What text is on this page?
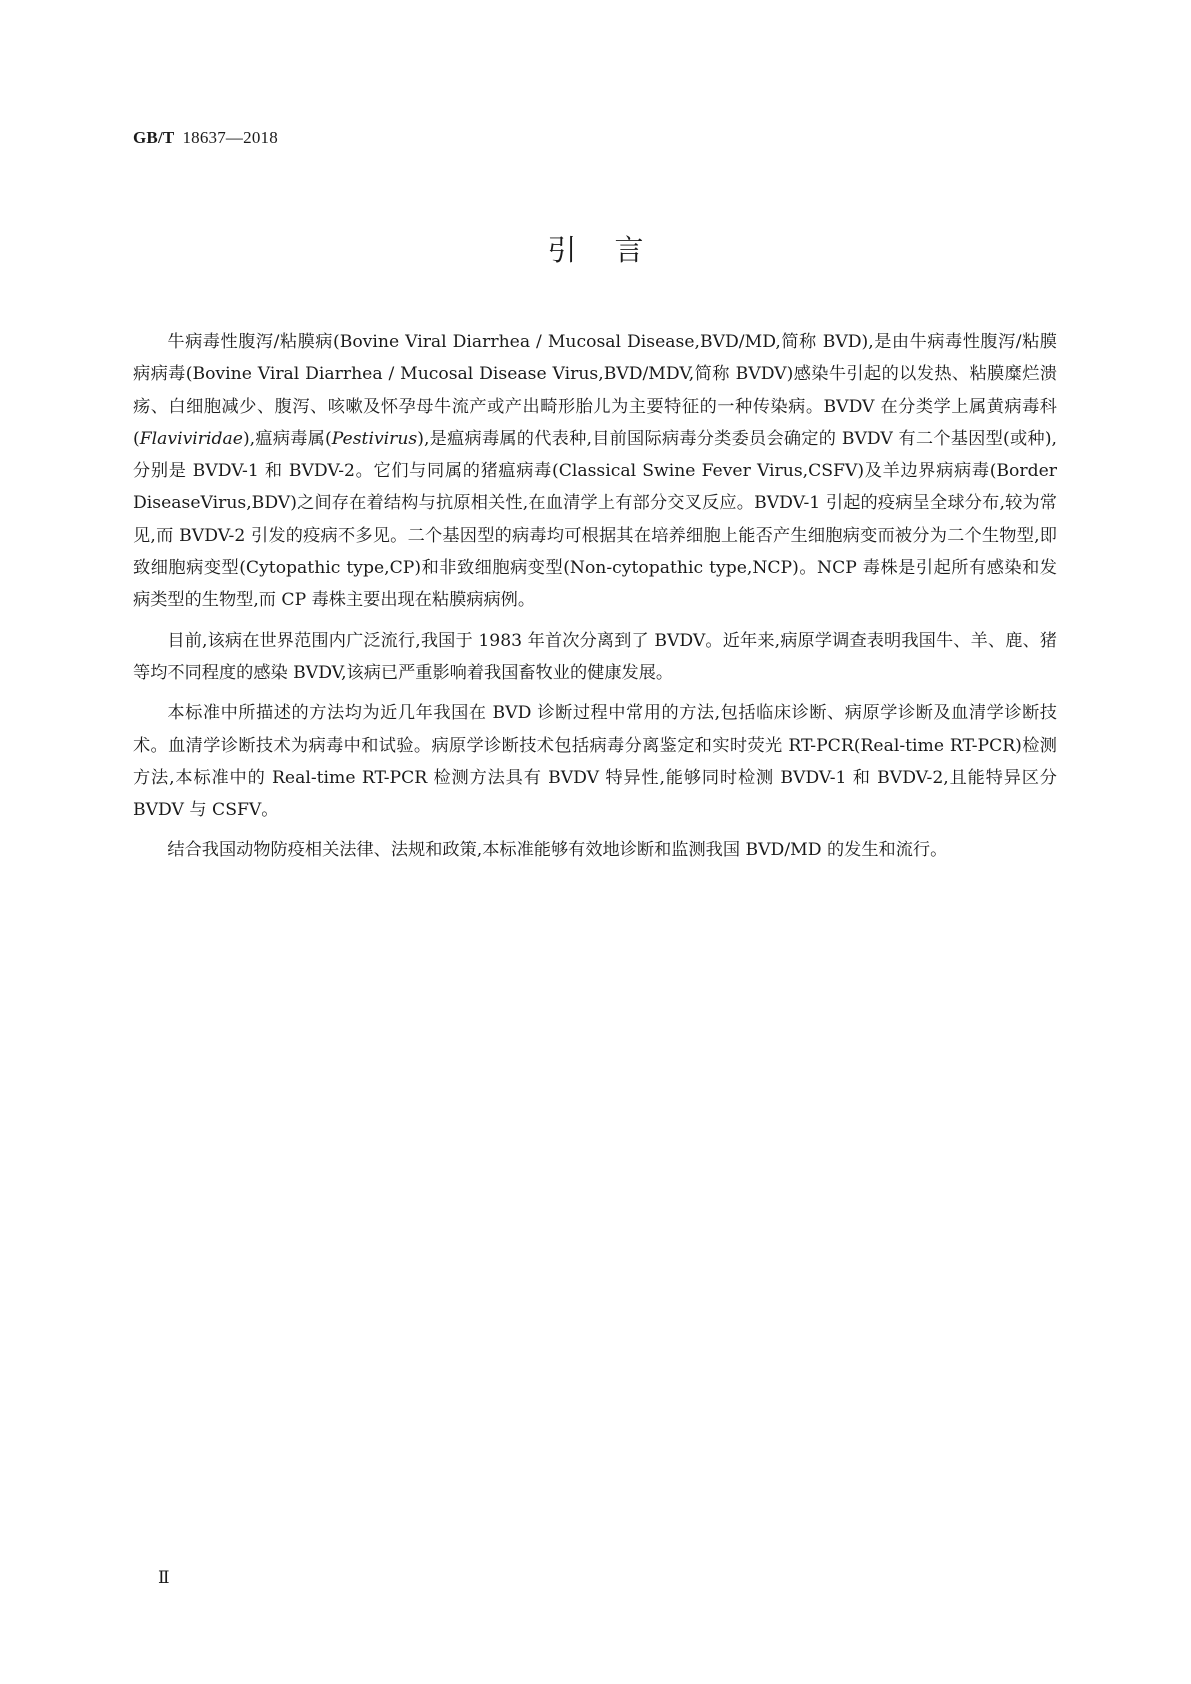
GB/T 18637—2018
引言

牛病毒性腹泻/粘膜病(Bovine Viral Diarrhea / Mucosal Disease,BVD/MD,简称 BVD),是由牛病毒性腹泻/粘膜病病毒(Bovine Viral Diarrhea / Mucosal Disease Virus,BVD/MDV,简称 BVDV)感染牛引起的以发热、粘膜糜烂溃疡、白细胞减少、腹泻、咳嗽及怀孕母牛流产或产出畸形胎儿为主要特征的一种传染病。BVDV 在分类学上属黄病毒科(Flaviviridae),瘟病毒属(Pestivirus),是瘟病毒属的代表种,目前国际病毒分类委员会确定的 BVDV 有二个基因型(或种),分别是 BVDV-1 和 BVDV-2。它们与同属的猪瘟病毒(Classical Swine Fever Virus,CSFV)及羊边界病病毒(Border DiseaseVirus,BDV)之间存在着结构与抗原相关性,在血清学上有部分交叉反应。BVDV-1 引起的疫病呈全球分布,较为常见,而 BVDV-2 引发的疫病不多见。二个基因型的病毒均可根据其在培养细胞上能否产生细胞病变而被分为二个生物型,即致细胞病变型(Cytopathic type,CP)和非致细胞病变型(Non-cytopathic type,NCP)。NCP 毒株是引起所有感染和发病类型的生物型,而 CP 毒株主要出现在粘膜病病例。

目前,该病在世界范围内广泛流行,我国于 1983 年首次分离到了 BVDV。近年来,病原学调查表明我国牛、羊、鹿、猪等均不同程度的感染 BVDV,该病已严重影响着我国畜牧业的健康发展。

本标准中所描述的方法均为近几年我国在 BVD 诊断过程中常用的方法,包括临床诊断、病原学诊断及血清学诊断技术。血清学诊断技术为病毒中和试验。病原学诊断技术包括病毒分离鉴定和实时荧光 RT-PCR(Real-time RT-PCR)检测方法,本标准中的 Real-time RT-PCR 检测方法具有 BVDV 特异性,能够同时检测 BVDV-1 和 BVDV-2,且能特异区分 BVDV 与 CSFV。

结合我国动物防疫相关法律、法规和政策,本标准能够有效地诊断和监测我国 BVD/MD 的发生和流行。

Ⅱ
